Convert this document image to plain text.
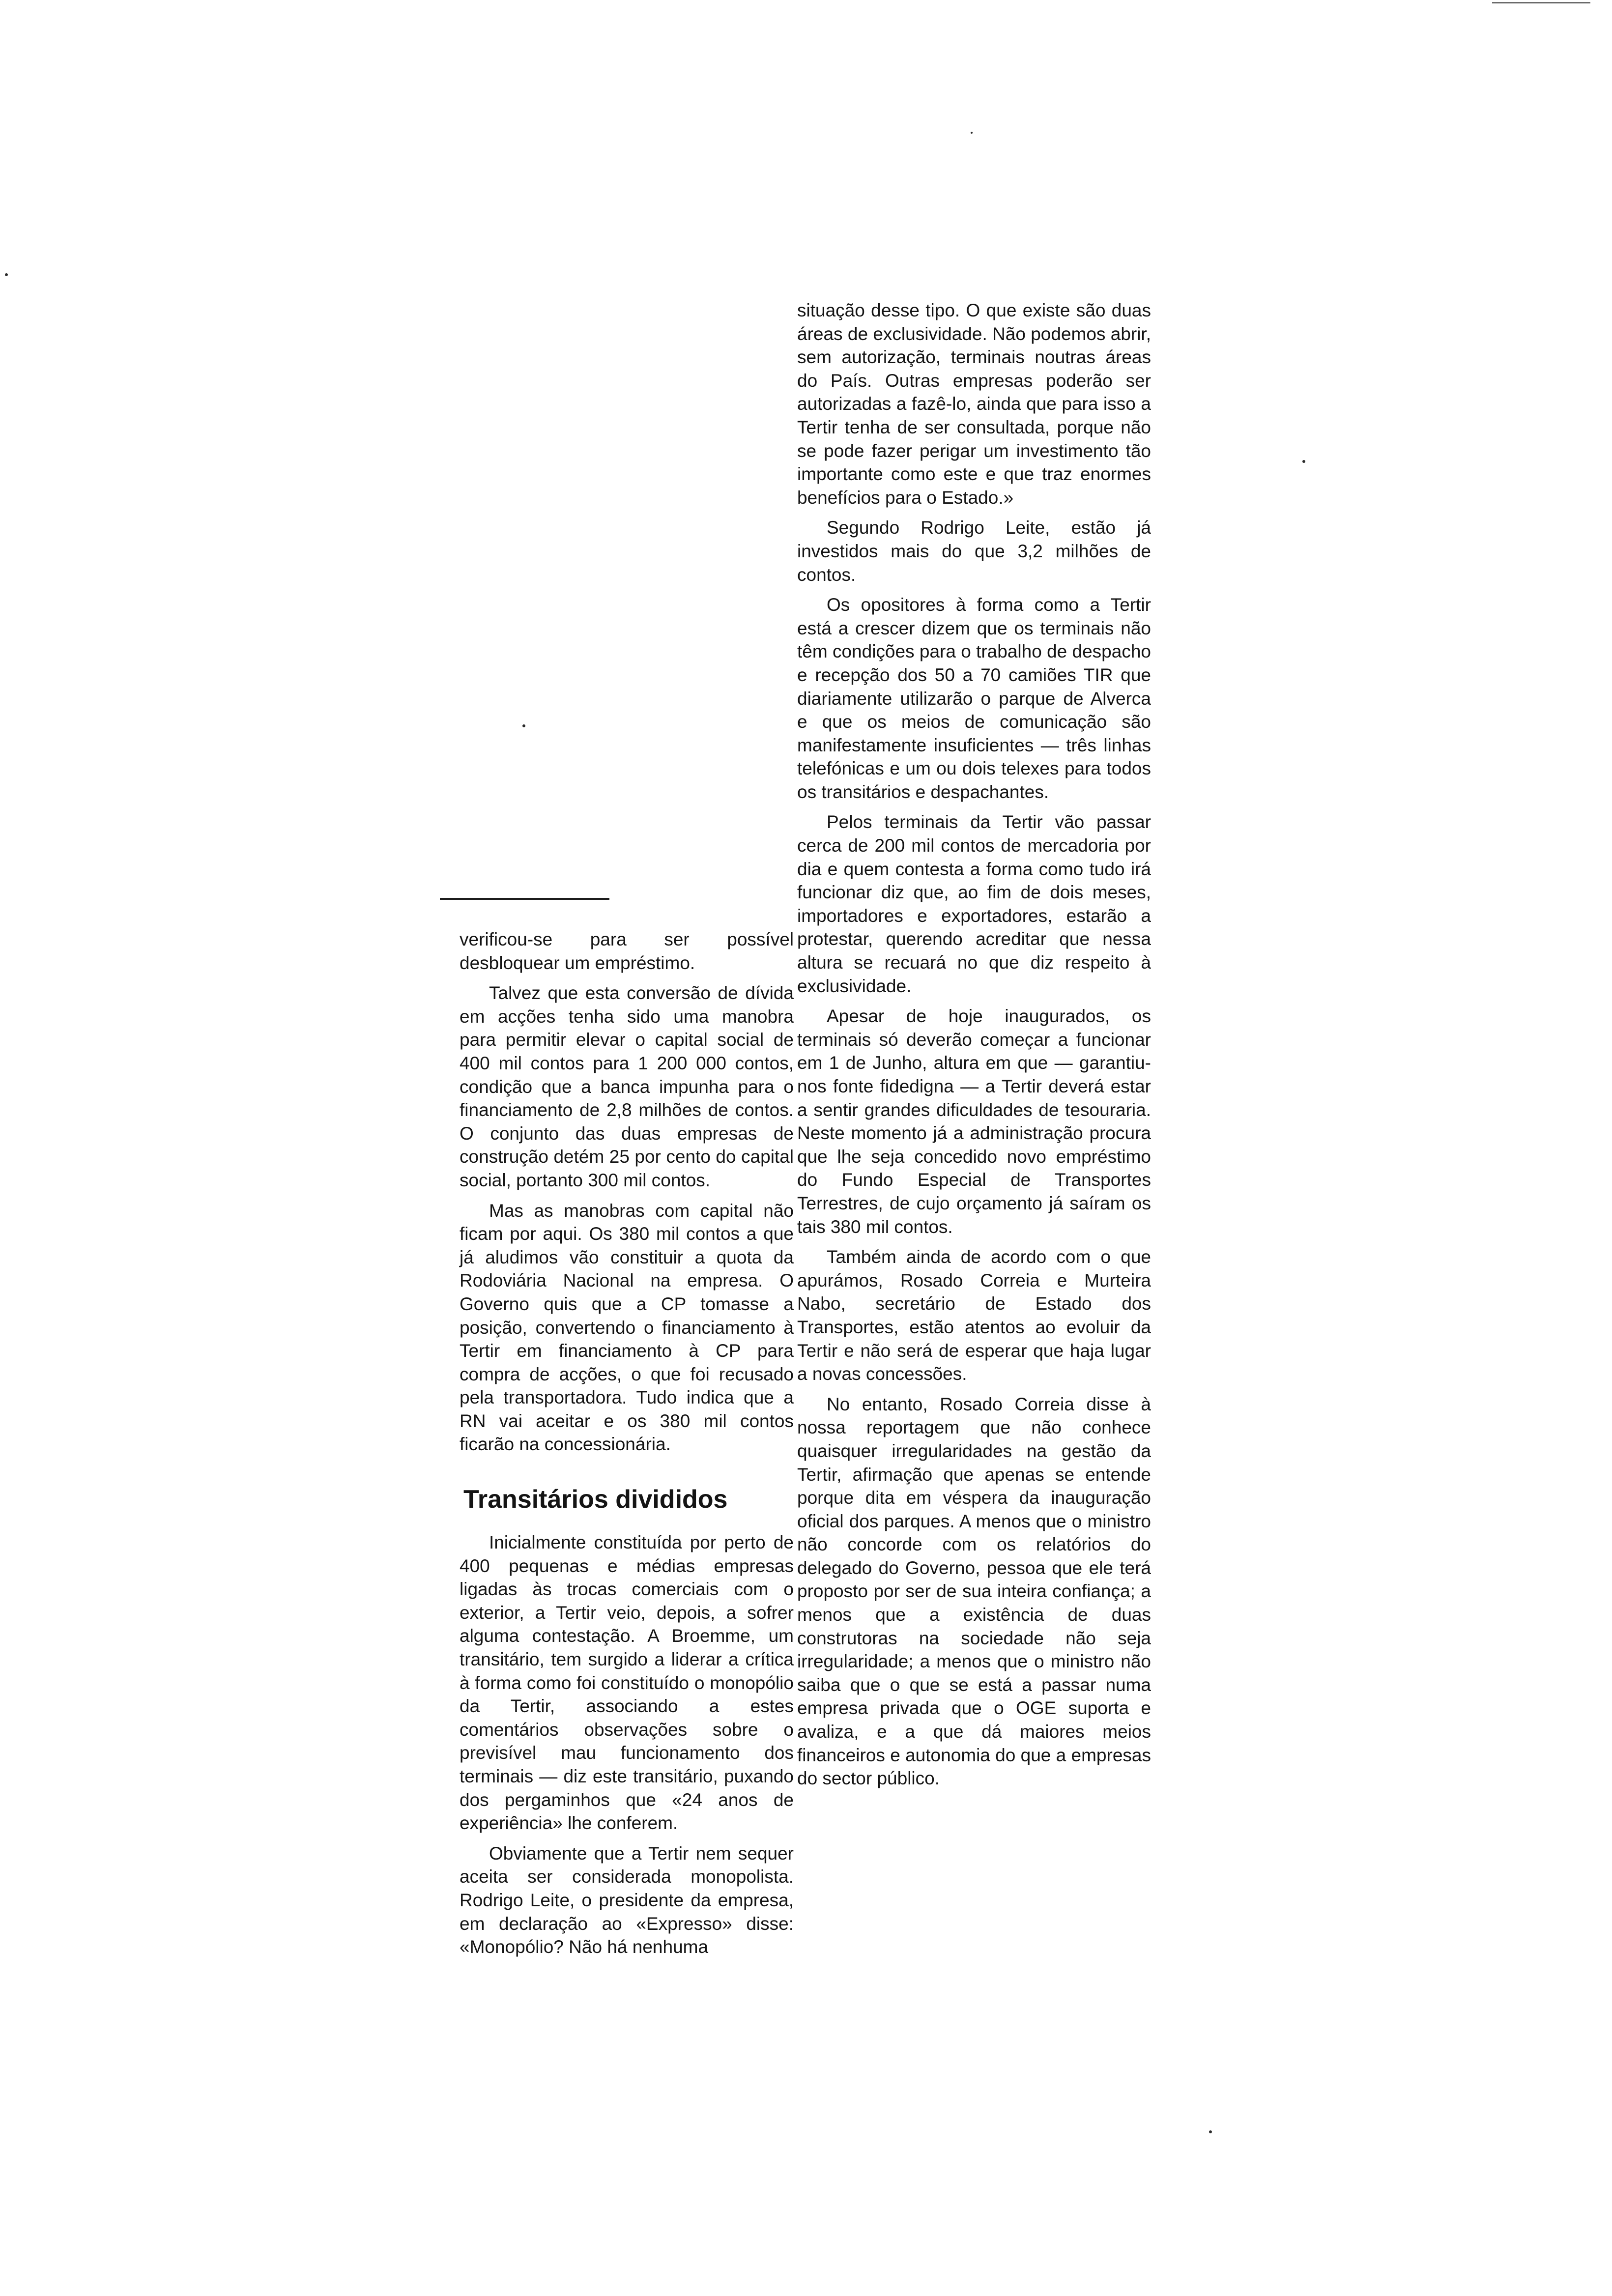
verificou-se para ser possível desbloquear um empréstimo.

Talvez que esta conversão de dívida em acções tenha sido uma manobra para permitir elevar o capital social de 400 mil contos para 1 200 000 contos, condição que a banca impunha para o financiamento de 2,8 milhões de contos. O conjunto das duas empresas de construção detém 25 por cento do capital social, portanto 300 mil contos.

Mas as manobras com capital não ficam por aqui. Os 380 mil contos a que já aludimos vão constituir a quota da Rodoviária Nacional na empresa. O Governo quis que a CP tomasse a posição, convertendo o financiamento à Tertir em financiamento à CP para compra de acções, o que foi recusado pela transportadora. Tudo indica que a RN vai aceitar e os 380 mil contos ficarão na concessionária.

Transitários divididos

Inicialmente constituída por perto de 400 pequenas e médias empresas ligadas às trocas comerciais com o exterior, a Tertir veio, depois, a sofrer alguma contestação. A Broemme, um transitário, tem surgido a liderar a crítica à forma como foi constituído o monopólio da Tertir, associando a estes comentários observações sobre o previsível mau funcionamento dos terminais — diz este transitário, puxando dos pergaminhos que «24 anos de experiência» lhe conferem.

Obviamente que a Tertir nem sequer aceita ser considerada monopolista. Rodrigo Leite, o presidente da empresa, em declaração ao «Expresso» disse: «Monopólio? Não há nenhuma

situação desse tipo. O que existe são duas áreas de exclusividade. Não podemos abrir, sem autorização, terminais noutras áreas do País. Outras empresas poderão ser autorizadas a fazê-lo, ainda que para isso a Tertir tenha de ser consultada, porque não se pode fazer perigar um investimento tão importante como este e que traz enormes benefícios para o Estado.»

Segundo Rodrigo Leite, estão já investidos mais do que 3,2 milhões de contos.

Os opositores à forma como a Tertir está a crescer dizem que os terminais não têm condições para o trabalho de despacho e recepção dos 50 a 70 camiões TIR que diariamente utilizarão o parque de Alverca e que os meios de comunicação são manifestamente insuficientes — três linhas telefónicas e um ou dois telexes para todos os transitários e despachantes.

Pelos terminais da Tertir vão passar cerca de 200 mil contos de mercadoria por dia e quem contesta a forma como tudo irá funcionar diz que, ao fim de dois meses, importadores e exportadores, estarão a protestar, querendo acreditar que nessa altura se recuará no que diz respeito à exclusividade.

Apesar de hoje inaugurados, os terminais só deverão começar a funcionar em 1 de Junho, altura em que — garantiu-nos fonte fidedigna — a Tertir deverá estar a sentir grandes dificuldades de tesouraria. Neste momento já a administração procura que lhe seja concedido novo empréstimo do Fundo Especial de Transportes Terrestres, de cujo orçamento já saíram os tais 380 mil contos.

Também ainda de acordo com o que apurámos, Rosado Correia e Murteira Nabo, secretário de Estado dos Transportes, estão atentos ao evoluir da Tertir e não será de esperar que haja lugar a novas concessões.

No entanto, Rosado Correia disse à nossa reportagem que não conhece quaisquer irregularidades na gestão da Tertir, afirmação que apenas se entende porque dita em véspera da inauguração oficial dos parques. A menos que o ministro não concorde com os relatórios do delegado do Governo, pessoa que ele terá proposto por ser de sua inteira confiança; a menos que a existência de duas construtoras na sociedade não seja irregularidade; a menos que o ministro não saiba que o que se está a passar numa empresa privada que o OGE suporta e avaliza, e a que dá maiores meios financeiros e autonomia do que a empresas do sector público.
